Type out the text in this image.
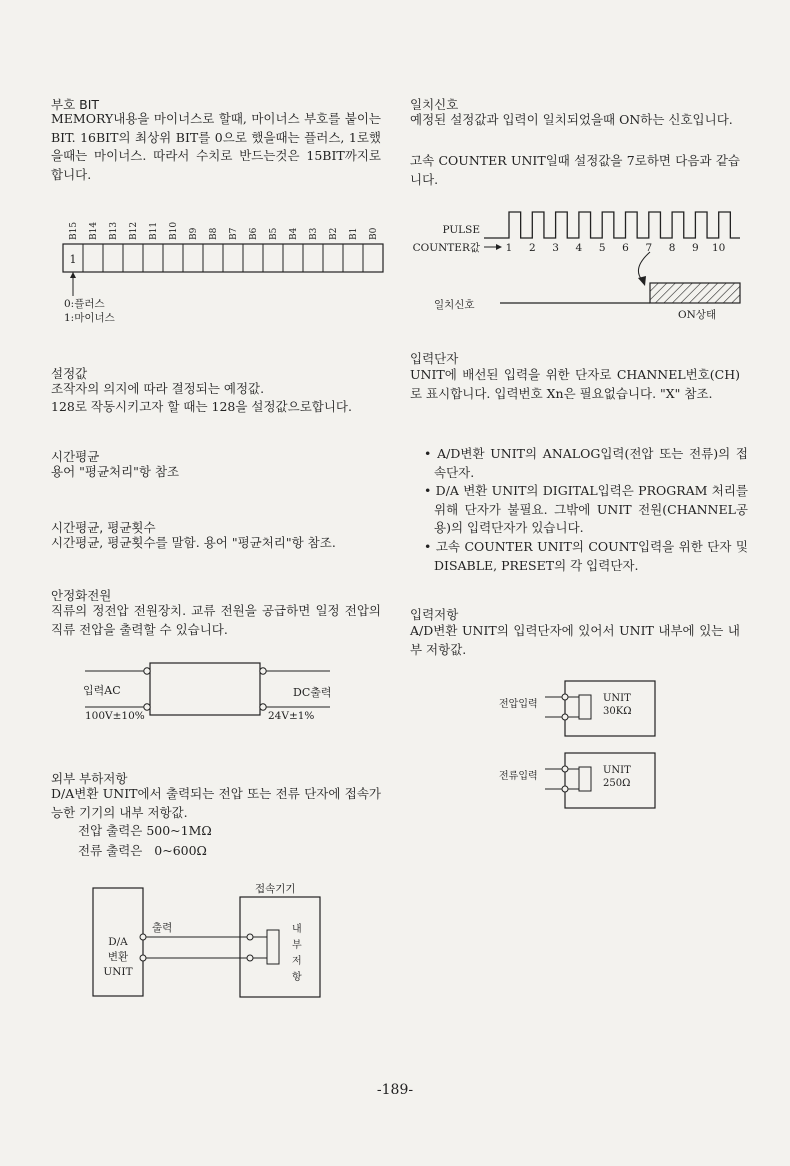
부호 BIT

MEMORY내용을 마이너스로 할때, 마이너스 부호를 붙이는 BIT. 16BIT의 최상위 BIT를 0으로 했을때는 플러스, 1로했을때는 마이너스. 따라서 수치로 반드는것은 15BIT까지로 합니다.

B15 B14 B13 B12 B11 B10 B9 B8 B7 B6 B5 B4 B3 B2 B1 B0
1
0:플러스
1:마이너스

설정값

조작자의 의지에 따라 결정되는 예정값.

128로 작동시키고자 할 때는 128을 설정값으로합니다.

시간평균

용어 "평균처리"항 참조

시간평균, 평균횟수

시간평균, 평균횟수를 말함. 용어 "평균처리"항 참조.

안정화전원

직류의 정전압 전원장치. 교류 전원을 공급하면 일정 전압의 직류 전압을 출력할 수 있습니다.

입력AC
100V±10%
DC출력
24V±1%

외부 부하저항

D/A변환 UNIT에서 출력되는 전압 또는 전류 단자에 접속가능한 기기의 내부 저항값.

전압 출력은 500~1MΩ

전류 출력은   0~600Ω

D/A
변환
UNIT
출력
접속기기
내
부
저
항

일치신호

예정된 설정값과 입력이 일치되었을때 ON하는 신호입니다.

고속 COUNTER UNIT일때 설정값을 7로하면 다음과 같습니다.

PULSE
COUNTER값 1 2 3 4 5 6 7 8 9 10
일치신호
ON상태

입력단자

UNIT에 배선된 입력을 위한 단자로 CHANNEL번호(CH)로 표시합니다. 입력번호 Xn은 필요없습니다. "X" 참조.

• A/D변환 UNIT의 ANALOG입력(전압 또는 전류)의 접속단자.

• D/A 변환 UNIT의 DIGITAL입력은 PROGRAM 처리를 위해 단자가 불필요. 그밖에 UNIT 전원(CHANNEL공용)의 입력단자가 있습니다.

• 고속 COUNTER UNIT의 COUNT입력을 위한 단자 및 DISABLE, PRESET의 각 입력단자.

입력저항

A/D변환 UNIT의 입력단자에 있어서 UNIT 내부에 있는 내부 저항값.

전압입력
UNIT
30KΩ
전류입력
UNIT
250Ω
-189-
